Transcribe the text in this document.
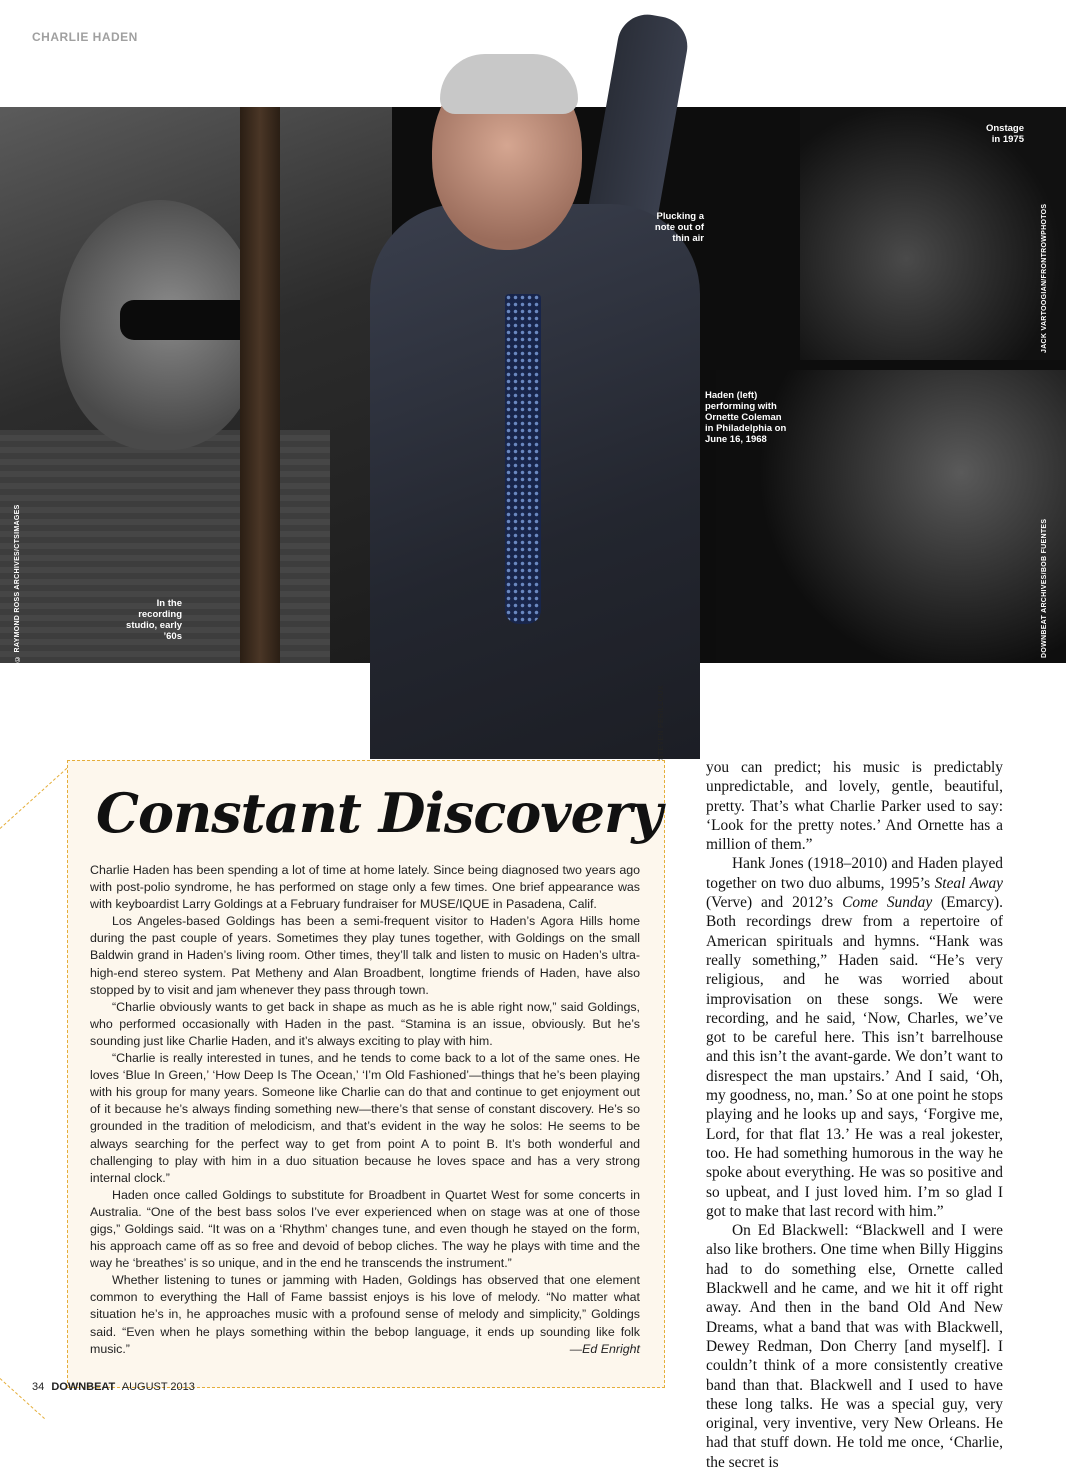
CHARLIE HADEN
In the recording studio, early ’60s
© RAYMOND ROSS ARCHIVES/CTSIMAGES
Plucking a note out of thin air
STEVEN PERILLOUX
Onstage in 1975
JACK VARTOOGIAN/FRONTROWPHOTOS
Haden (left) performing with Ornette Coleman in Philadelphia on June 16, 1968
DOWNBEAT ARCHIVES/BOB FUENTES
Constant Discovery

Charlie Haden has been spending a lot of time at home lately. Since being diagnosed two years ago with post-polio syndrome, he has performed on stage only a few times. One brief appearance was with keyboardist Larry Goldings at a February fundraiser for MUSE/IQUE in Pasadena, Calif.

Los Angeles-based Goldings has been a semi-frequent visitor to Haden’s Agora Hills home during the past couple of years. Sometimes they play tunes together, with Goldings on the small Baldwin grand in Haden’s living room. Other times, they’ll talk and listen to music on Haden’s ultra-high-end stereo system. Pat Metheny and Alan Broadbent, longtime friends of Haden, have also stopped by to visit and jam whenever they pass through town.

“Charlie obviously wants to get back in shape as much as he is able right now,” said Goldings, who performed occasionally with Haden in the past. “Stamina is an issue, obviously. But he’s sounding just like Charlie Haden, and it’s always exciting to play with him.

“Charlie is really interested in tunes, and he tends to come back to a lot of the same ones. He loves ‘Blue In Green,’ ‘How Deep Is The Ocean,’ ‘I’m Old Fashioned’—things that he’s been playing with his group for many years. Someone like Charlie can do that and continue to get enjoyment out of it because he’s always finding something new—there’s that sense of constant discovery. He’s so grounded in the tradition of melodicism, and that’s evident in the way he solos: He seems to be always searching for the perfect way to get from point A to point B. It’s both wonderful and challenging to play with him in a duo situation because he loves space and has a very strong internal clock.”

Haden once called Goldings to substitute for Broadbent in Quartet West for some concerts in Australia. “One of the best bass solos I’ve ever experienced when on stage was at one of those gigs,” Goldings said. “It was on a ‘Rhythm’ changes tune, and even though he stayed on the form, his approach came off as so free and devoid of bebop cliches. The way he plays with time and the way he ‘breathes’ is so unique, and in the end he transcends the instrument.”

Whether listening to tunes or jamming with Haden, Goldings has observed that one element common to everything the Hall of Fame bassist enjoys is his love of melody. “No matter what situation he’s in, he approaches music with a profound sense of melody and simplicity,” Goldings said. “Even when he plays something within the bebop language, it ends up sounding like folk music.”	—Ed Enright

you can predict; his music is predictably unpredictable, and lovely, gentle, beautiful, pretty. That’s what Charlie Parker used to say: ‘Look for the pretty notes.’ And Ornette has a million of them.”

Hank Jones (1918–2010) and Haden played together on two duo albums, 1995’s Steal Away (Verve) and 2012’s Come Sunday (Emarcy). Both recordings drew from a repertoire of American spirituals and hymns. “Hank was really something,” Haden said. “He’s very religious, and he was worried about improvisation on these songs. We were recording, and he said, ‘Now, Charles, we’ve got to be careful here. This isn’t barrelhouse and this isn’t the avant-garde. We don’t want to disrespect the man upstairs.’ And I said, ‘Oh, my goodness, no, man.’ So at one point he stops playing and he looks up and says, ‘Forgive me, Lord, for that flat 13.’ He was a real jokester, too. He had something humorous in the way he spoke about everything. He was so positive and so upbeat, and I just loved him. I’m so glad I got to make that last record with him.”

On Ed Blackwell: “Blackwell and I were also like brothers. One time when Billy Higgins had to do something else, Ornette called Blackwell and he came, and we hit it off right away. And then in the band Old And New Dreams, what a band that was with Blackwell, Dewey Redman, Don Cherry [and myself]. I couldn’t think of a more consistently creative band than that. Blackwell and I used to have these long talks. He was a special guy, very original, very inventive, very New Orleans. He had that stuff down. He told me once, ‘Charlie, the secret is

34 DOWNBEAT AUGUST 2013
